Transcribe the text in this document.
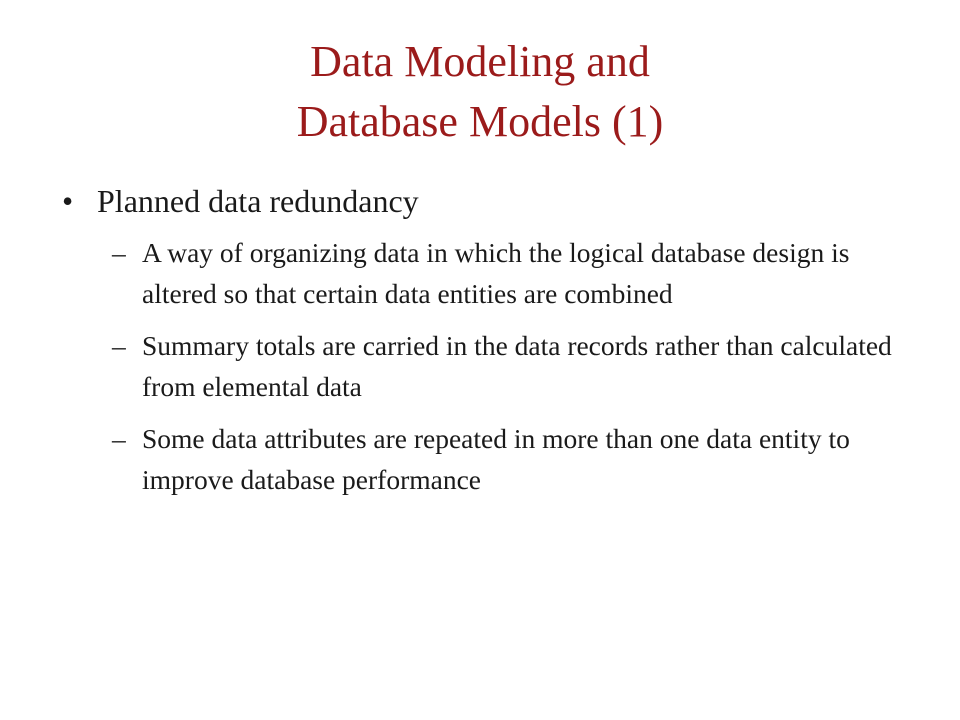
Data Modeling and
Database Models (1)
• Planned data redundancy
– A way of organizing data in which the logical database design is altered so that certain data entities are combined
– Summary totals are carried in the data records rather than calculated from elemental data
– Some data attributes are repeated in more than one data entity to improve database performance
